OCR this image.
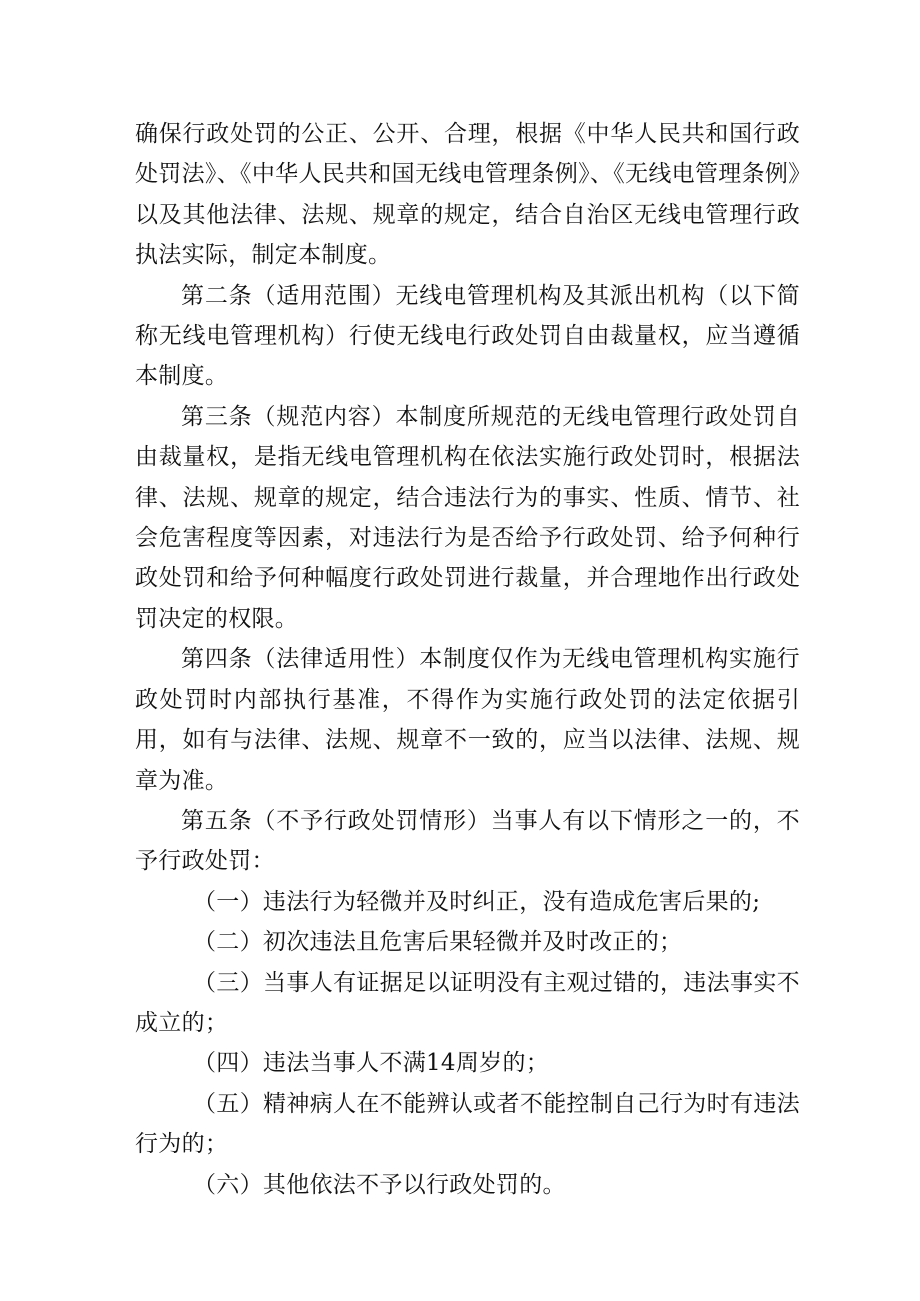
确保行政处罚的公正、公开、合理，根据《中华人民共和国行政处罚法》、《中华人民共和国无线电管理条例》、《无线电管理条例》以及其他法律、法规、规章的规定，结合自治区无线电管理行政执法实际，制定本制度。

第二条（适用范围）无线电管理机构及其派出机构（以下简称无线电管理机构）行使无线电行政处罚自由裁量权，应当遵循本制度。

第三条（规范内容）本制度所规范的无线电管理行政处罚自由裁量权，是指无线电管理机构在依法实施行政处罚时，根据法律、法规、规章的规定，结合违法行为的事实、性质、情节、社会危害程度等因素，对违法行为是否给予行政处罚、给予何种行政处罚和给予何种幅度行政处罚进行裁量，并合理地作出行政处罚决定的权限。

第四条（法律适用性）本制度仅作为无线电管理机构实施行政处罚时内部执行基准，不得作为实施行政处罚的法定依据引用，如有与法律、法规、规章不一致的，应当以法律、法规、规章为准。

第五条（不予行政处罚情形）当事人有以下情形之一的，不予行政处罚：

（一）违法行为轻微并及时纠正，没有造成危害后果的;

（二）初次违法且危害后果轻微并及时改正的；

（三）当事人有证据足以证明没有主观过错的，违法事实不成立的；

（四）违法当事人不满14周岁的；

（五）精神病人在不能辨认或者不能控制自己行为时有违法行为的；

（六）其他依法不予以行政处罚的。
